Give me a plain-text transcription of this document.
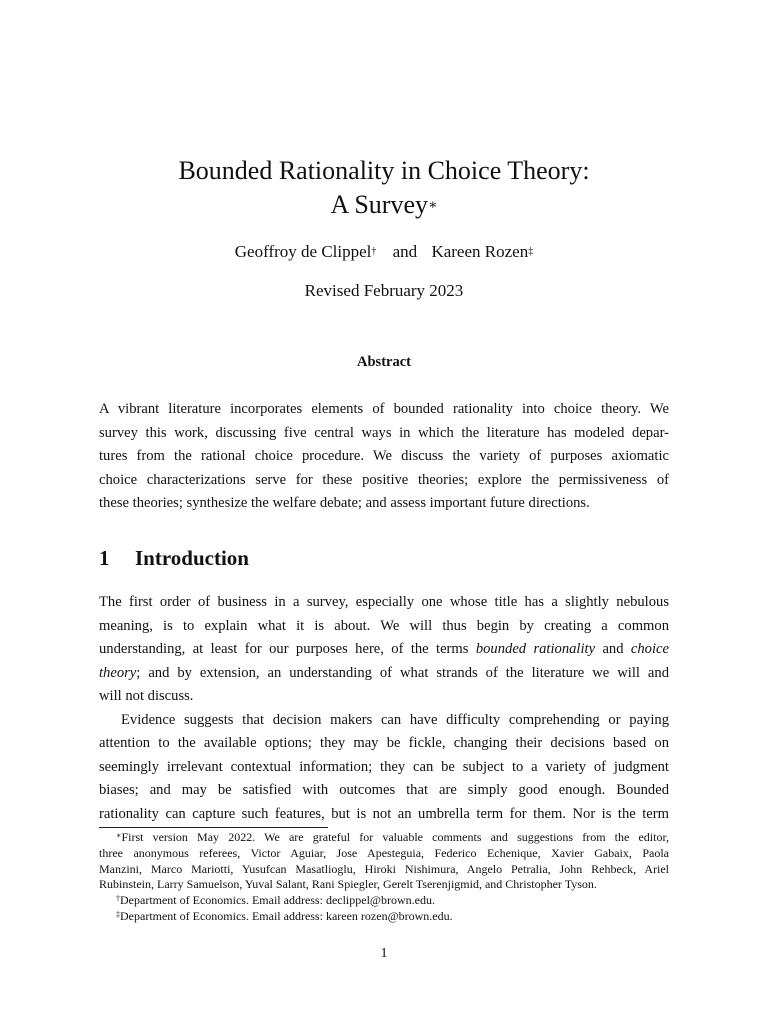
Bounded Rationality in Choice Theory:
A Survey∗
Geoffroy de Clippel† and Kareen Rozen‡
Revised February 2023
Abstract
A vibrant literature incorporates elements of bounded rationality into choice theory. We
survey this work, discussing five central ways in which the literature has modeled depar-
tures from the rational choice procedure. We discuss the variety of purposes axiomatic
choice characterizations serve for these positive theories; explore the permissiveness of
these theories; synthesize the welfare debate; and assess important future directions.
1 Introduction
The first order of business in a survey, especially one whose title has a slightly nebulous
meaning, is to explain what it is about. We will thus begin by creating a common
understanding, at least for our purposes here, of the terms bounded rationality and choice
theory; and by extension, an understanding of what strands of the literature we will and
will not discuss.
Evidence suggests that decision makers can have difficulty comprehending or paying
attention to the available options; they may be fickle, changing their decisions based on
seemingly irrelevant contextual information; they can be subject to a variety of judgment
biases; and may be satisfied with outcomes that are simply good enough. Bounded
rationality can capture such features, but is not an umbrella term for them. Nor is the term
∗First version May 2022. We are grateful for valuable comments and suggestions from the editor,
three anonymous referees, Victor Aguiar, Jose Apesteguia, Federico Echenique, Xavier Gabaix, Paola
Manzini, Marco Mariotti, Yusufcan Masatlioglu, Hiroki Nishimura, Angelo Petralia, John Rehbeck, Ariel
Rubinstein, Larry Samuelson, Yuval Salant, Rani Spiegler, Gerelt Tserenjigmid, and Christopher Tyson.
†Department of Economics. Email address: declippel@brown.edu.
‡Department of Economics. Email address: kareen rozen@brown.edu.
1
